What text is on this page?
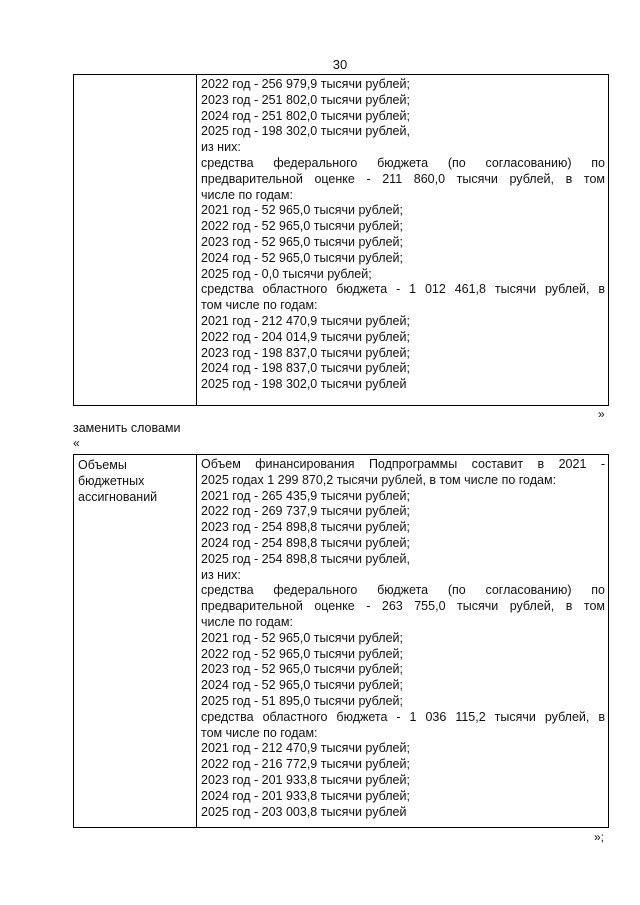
30
2022 год - 256 979,9 тысячи рублей;
2023 год - 251 802,0 тысячи рублей;
2024 год - 251 802,0 тысячи рублей;
2025 год - 198 302,0 тысячи рублей,
из них:
средства федерального бюджета (по согласованию) по
предварительной оценке - 211 860,0 тысячи рублей, в том
числе по годам:
2021 год - 52 965,0 тысячи рублей;
2022 год - 52 965,0 тысячи рублей;
2023 год - 52 965,0 тысячи рублей;
2024 год - 52 965,0 тысячи рублей;
2025 год - 0,0 тысячи рублей;
средства областного бюджета - 1 012 461,8 тысячи рублей, в
том числе по годам:
2021 год - 212 470,9 тысячи рублей;
2022 год - 204 014,9 тысячи рублей;
2023 год - 198 837,0 тысячи рублей;
2024 год - 198 837,0 тысячи рублей;
2025 год - 198 302,0 тысячи рублей
»
заменить словами
«
Объемы
бюджетных
ассигнований
Объем финансирования Подпрограммы составит в 2021 -
2025 годах 1 299 870,2 тысячи рублей, в том числе по годам:
2021 год - 265 435,9 тысячи рублей;
2022 год - 269 737,9 тысячи рублей;
2023 год - 254 898,8 тысячи рублей;
2024 год - 254 898,8 тысячи рублей;
2025 год - 254 898,8 тысячи рублей,
из них:
средства федерального бюджета (по согласованию) по
предварительной оценке - 263 755,0 тысячи рублей, в том
числе по годам:
2021 год - 52 965,0 тысячи рублей;
2022 год - 52 965,0 тысячи рублей;
2023 год - 52 965,0 тысячи рублей;
2024 год - 52 965,0 тысячи рублей;
2025 год - 51 895,0 тысячи рублей;
средства областного бюджета - 1 036 115,2 тысячи рублей, в
том числе по годам:
2021 год - 212 470,9 тысячи рублей;
2022 год - 216 772,9 тысячи рублей;
2023 год - 201 933,8 тысячи рублей;
2024 год - 201 933,8 тысячи рублей;
2025 год - 203 003,8 тысячи рублей
»;
